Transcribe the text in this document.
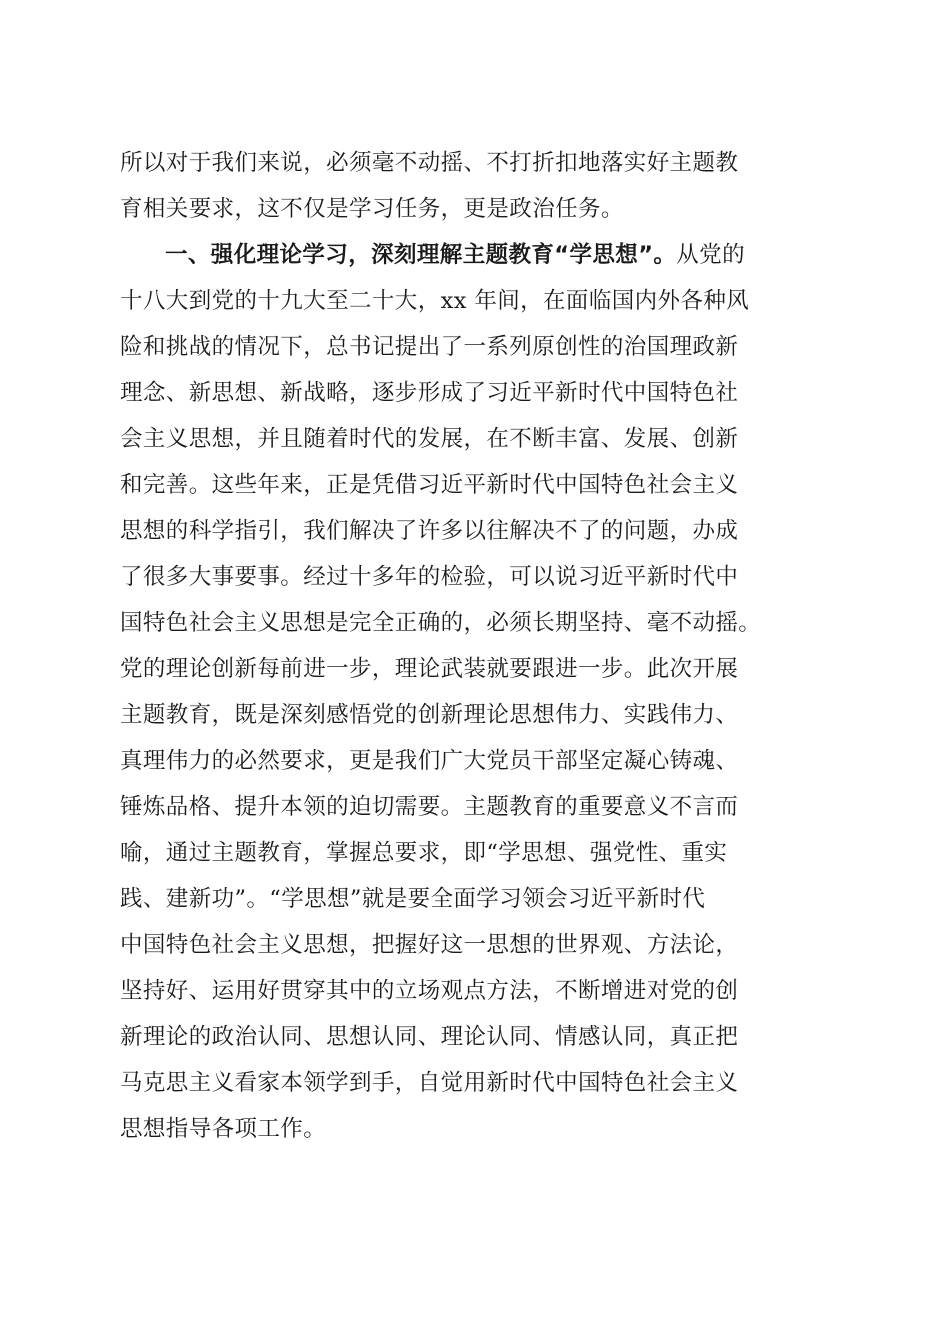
所以对于我们来说，必须毫不动摇、不打折扣地落实好主题教
育相关要求，这不仅是学习任务，更是政治任务。
一、强化理论学习，深刻理解主题教育“学思想”。从党的
十八大到党的十九大至二十大，xx 年间，在面临国内外各种风
险和挑战的情况下，总书记提出了一系列原创性的治国理政新
理念、新思想、新战略，逐步形成了习近平新时代中国特色社
会主义思想，并且随着时代的发展，在不断丰富、发展、创新
和完善。这些年来，正是凭借习近平新时代中国特色社会主义
思想的科学指引，我们解决了许多以往解决不了的问题，办成
了很多大事要事。经过十多年的检验，可以说习近平新时代中
国特色社会主义思想是完全正确的，必须长期坚持、毫不动摇。
党的理论创新每前进一步，理论武装就要跟进一步。此次开展
主题教育，既是深刻感悟党的创新理论思想伟力、实践伟力、
真理伟力的必然要求，更是我们广大党员干部坚定凝心铸魂、
锤炼品格、提升本领的迫切需要。主题教育的重要意义不言而
喻，通过主题教育，掌握总要求，即“学思想、强党性、重实
践、建新功”。“学思想”就是要全面学习领会习近平新时代
中国特色社会主义思想，把握好这一思想的世界观、方法论，
坚持好、运用好贯穿其中的立场观点方法，不断增进对党的创
新理论的政治认同、思想认同、理论认同、情感认同，真正把
马克思主义看家本领学到手，自觉用新时代中国特色社会主义
思想指导各项工作。
